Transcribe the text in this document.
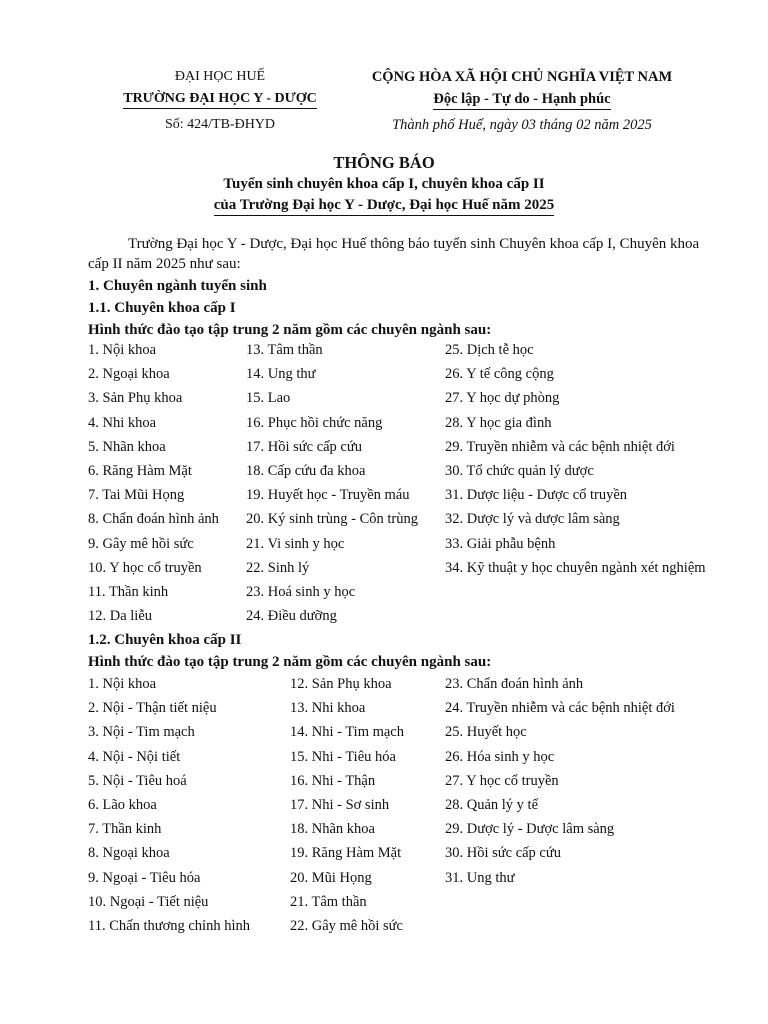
ĐẠI HỌC HUẾ
TRƯỜNG ĐẠI HỌC Y - DƯỢC
Số: 424/TB-ĐHYD
CỘNG HÒA XÃ HỘI CHỦ NGHĨA VIỆT NAM
Độc lập - Tự do - Hạnh phúc
Thành phố Huế, ngày 03 tháng 02 năm 2025
THÔNG BÁO
Tuyển sinh chuyên khoa cấp I, chuyên khoa cấp II
của Trường Đại học Y - Dược, Đại học Huế năm 2025
Trường Đại học Y - Dược, Đại học Huế thông báo tuyển sinh Chuyên khoa cấp I, Chuyên khoa cấp II năm 2025 như sau:
1. Chuyên ngành tuyển sinh
1.1. Chuyên khoa cấp I
Hình thức đào tạo tập trung 2 năm gồm các chuyên ngành sau:
1. Nội khoa
2. Ngoại khoa
3. Sản Phụ khoa
4. Nhi khoa
5. Nhãn khoa
6. Răng Hàm Mặt
7. Tai Mũi Họng
8. Chẩn đoán hình ảnh
9. Gây mê hồi sức
10. Y học cổ truyền
11. Thần kinh
12. Da liễu
13. Tâm thần
14. Ung thư
15. Lao
16. Phục hồi chức năng
17. Hồi sức cấp cứu
18. Cấp cứu đa khoa
19. Huyết học - Truyền máu
20. Ký sinh trùng - Côn trùng
21. Vi sinh y học
22. Sinh lý
23. Hoá sinh y học
24. Điều dưỡng
25. Dịch tễ học
26. Y tế công cộng
27. Y học dự phòng
28. Y học gia đình
29. Truyền nhiễm và các bệnh nhiệt đới
30. Tổ chức quản lý dược
31. Dược liệu - Dược cổ truyền
32. Dược lý và dược lâm sàng
33. Giải phẫu bệnh
34. Kỹ thuật y học chuyên ngành xét nghiệm
1.2. Chuyên khoa cấp II
Hình thức đào tạo tập trung 2 năm gồm các chuyên ngành sau:
1. Nội khoa
2. Nội - Thận tiết niệu
3. Nội - Tim mạch
4. Nội - Nội tiết
5. Nội - Tiêu hoá
6. Lão khoa
7. Thần kinh
8. Ngoại khoa
9. Ngoại - Tiêu hóa
10. Ngoại - Tiết niệu
11. Chấn thương chỉnh hình
12. Sản Phụ khoa
13. Nhi khoa
14. Nhi - Tim mạch
15. Nhi - Tiêu hóa
16. Nhi - Thận
17. Nhi - Sơ sinh
18. Nhãn khoa
19. Răng Hàm Mặt
20. Mũi Họng
21. Tâm thần
22. Gây mê hồi sức
23. Chẩn đoán hình ảnh
24. Truyền nhiễm và các bệnh nhiệt đới
25. Huyết học
26. Hóa sinh y học
27. Y học cổ truyền
28. Quản lý y tế
29. Dược lý - Dược lâm sàng
30. Hồi sức cấp cứu
31. Ung thư
